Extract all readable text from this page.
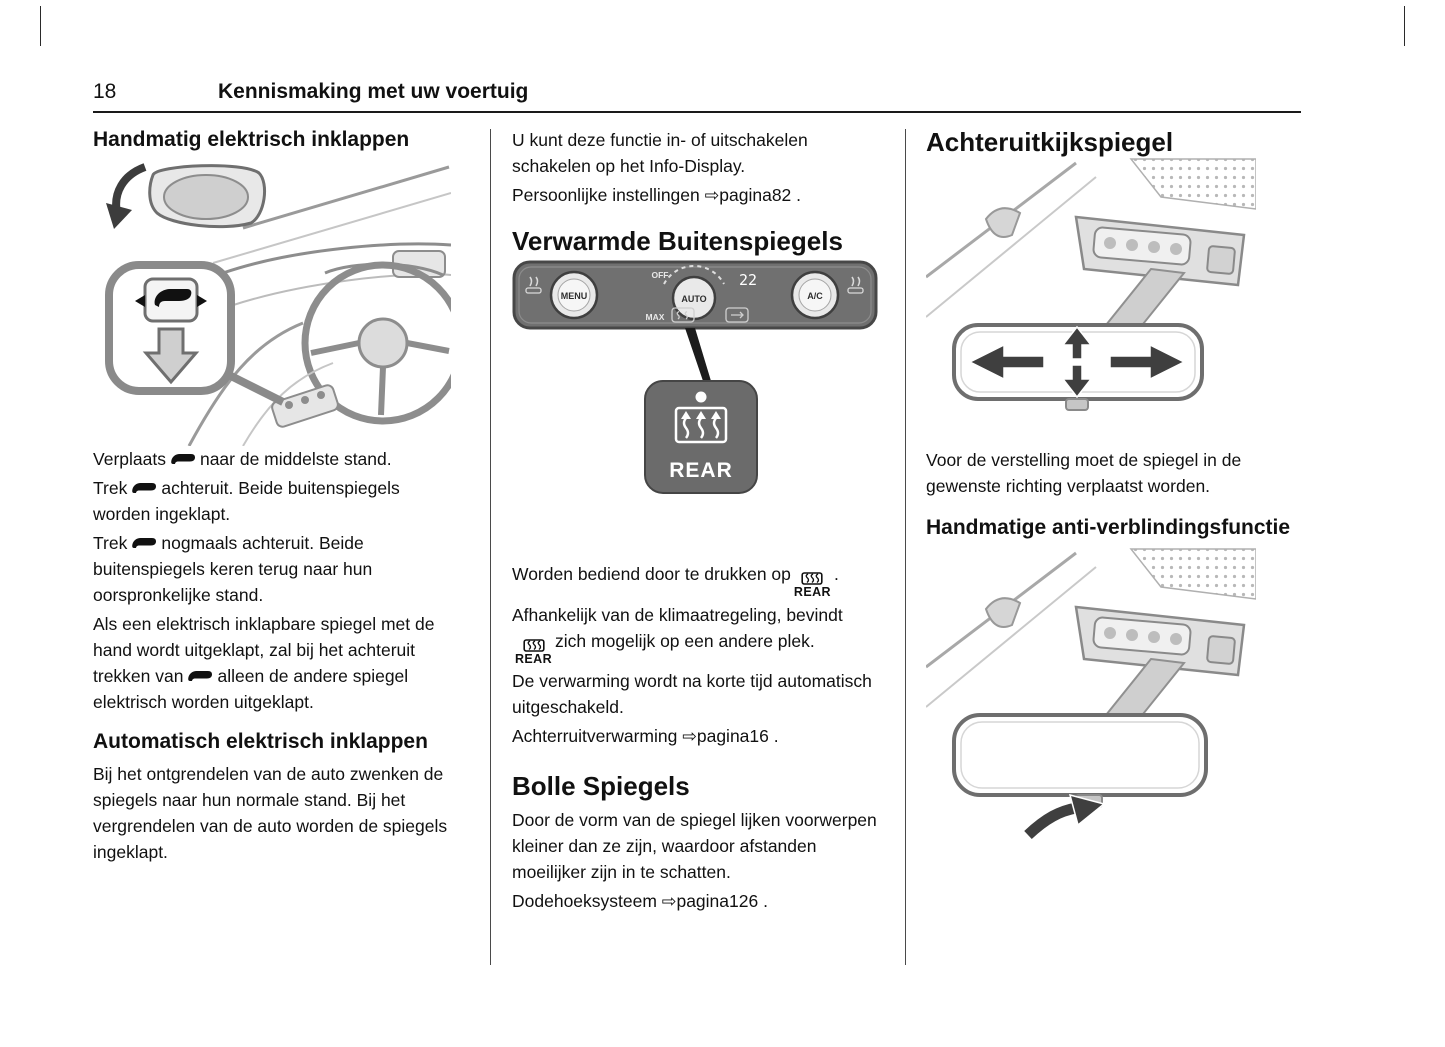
18	Kennismaking met uw voertuig
Handmatig elektrisch inklappen

Verplaats naar de middelste stand.

Trek achteruit. Beide buitenspiegels worden ingeklapt.

Trek nogmaals achteruit. Beide buitenspiegels keren terug naar hun oorspronkelijke stand.

Als een elektrisch inklapbare spiegel met de hand wordt uitgeklapt, zal bij het achteruit trekken van alleen de andere spiegel elektrisch worden uitgeklapt.

Automatisch elektrisch inklappen

Bij het ontgrendelen van de auto zwenken de spiegels naar hun normale stand. Bij het vergrendelen van de auto worden de spiegels ingeklapt.

U kunt deze functie in- of uitschakelen schakelen op het Info-Display.

Persoonlijke instellingen ⇨pagina82 .

Verwarmde Buitenspiegels
MENU
OFF
AUTO
22
A/C
MAX
REAR

Worden bediend door te drukken op
REAR
.

Afhankelijk van de klimaatregeling, bevindt
REAR
zich mogelijk op een andere plek.

De verwarming wordt na korte tijd automatisch uitgeschakeld.

Achterruitverwarming ⇨pagina16 .

Bolle Spiegels

Door de vorm van de spiegel lijken voorwerpen kleiner dan ze zijn, waardoor afstanden moeilijker zijn in te schatten.

Dodehoeksysteem ⇨pagina126 .

Achteruitkijkspiegel

Voor de verstelling moet de spiegel in de gewenste richting verplaatst worden.

Handmatige anti-verblindingsfunctie
